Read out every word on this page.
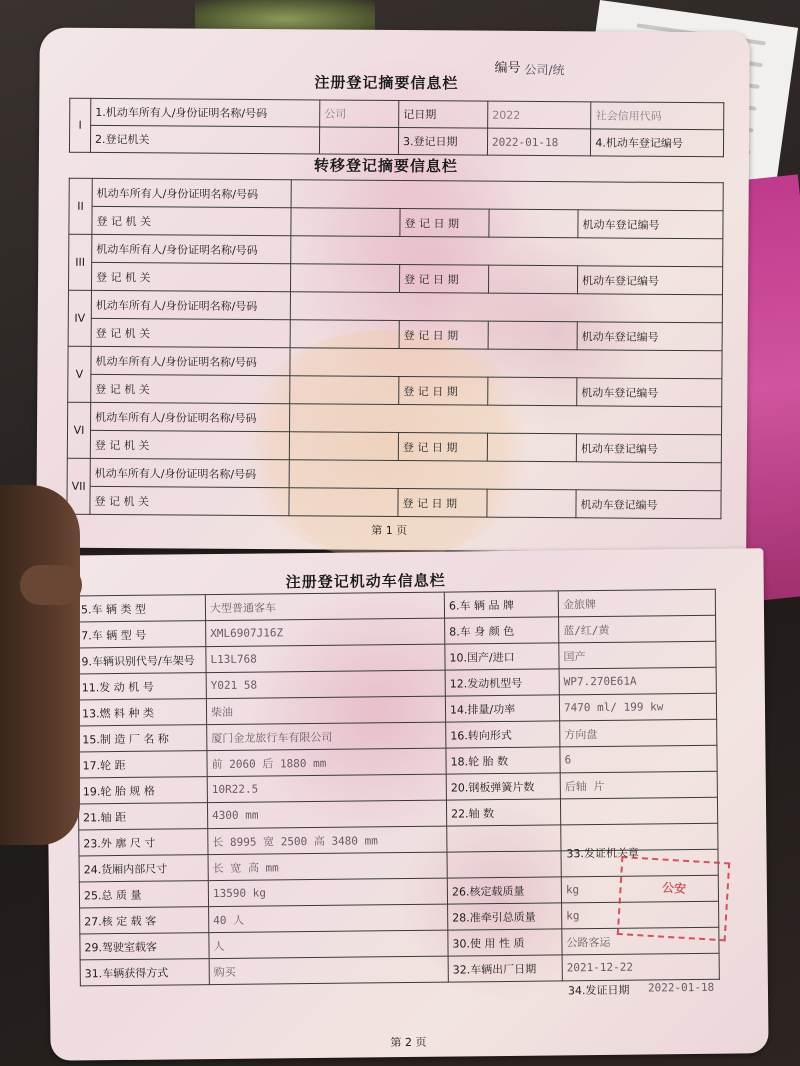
注册登记摘要信息栏
编号 公司/统
I	1.机动车所有人/身份证明名称/号码	公司	记日期	2022	社会信用代码
	2.登记机关		3.登记日期	2022-01-18	4.机动车登记编号
转移登记摘要信息栏
II	机动车所有人/身份证明名称/号码				
	登 记 机 关		登 记 日 期		机动车登记编号
III	机动车所有人/身份证明名称/号码				
	登 记 机 关		登 记 日 期		机动车登记编号
IV	机动车所有人/身份证明名称/号码				
	登 记 机 关		登 记 日 期		机动车登记编号
V	机动车所有人/身份证明名称/号码				
	登 记 机 关		登 记 日 期		机动车登记编号
VI	机动车所有人/身份证明名称/号码				
	登 记 机 关		登 记 日 期		机动车登记编号
VII	机动车所有人/身份证明名称/号码				
	登 记 机 关		登 记 日 期		机动车登记编号
第 1 页
注册登记机动车信息栏
5.车 辆 类 型	大型普通客车	6.车 辆 品 牌	金旅牌
7.车 辆 型 号	XML6907J16Z	8.车 身 颜 色	蓝/红/黄
9.车辆识别代号/车架号	L13L768	10.国产/进口	国产
11.发 动 机 号	Y021 58	12.发动机型号	WP7.270E61A
13.燃 料 种 类	柴油	14.排量/功率	7470 ml/ 199 kw
15.制 造 厂 名 称	厦门金龙旅行车有限公司	16.转向形式	方向盘
17.轮 距	前 2060 后 1880 mm	18.轮 胎 数	6
19.轮 胎 规 格	10R22.5	20.钢板弹簧片数	后轴 片
21.轴 距	4300 mm	22.轴 数	
23.外 廓 尺 寸	长 8995 宽 2500 高 3480 mm		
24.货厢内部尺寸	长 宽 高 mm		
25.总 质 量	13590 kg	26.核定载质量	kg
27.核 定 载 客	40 人	28.准牵引总质量	kg
29.驾驶室载客	人	30.使 用 性 质	公路客运
31.车辆获得方式	购买	32.车辆出厂日期	2021-12-22
33.发证机关章
公安
34.发证日期 2022-01-18
第 2 页
